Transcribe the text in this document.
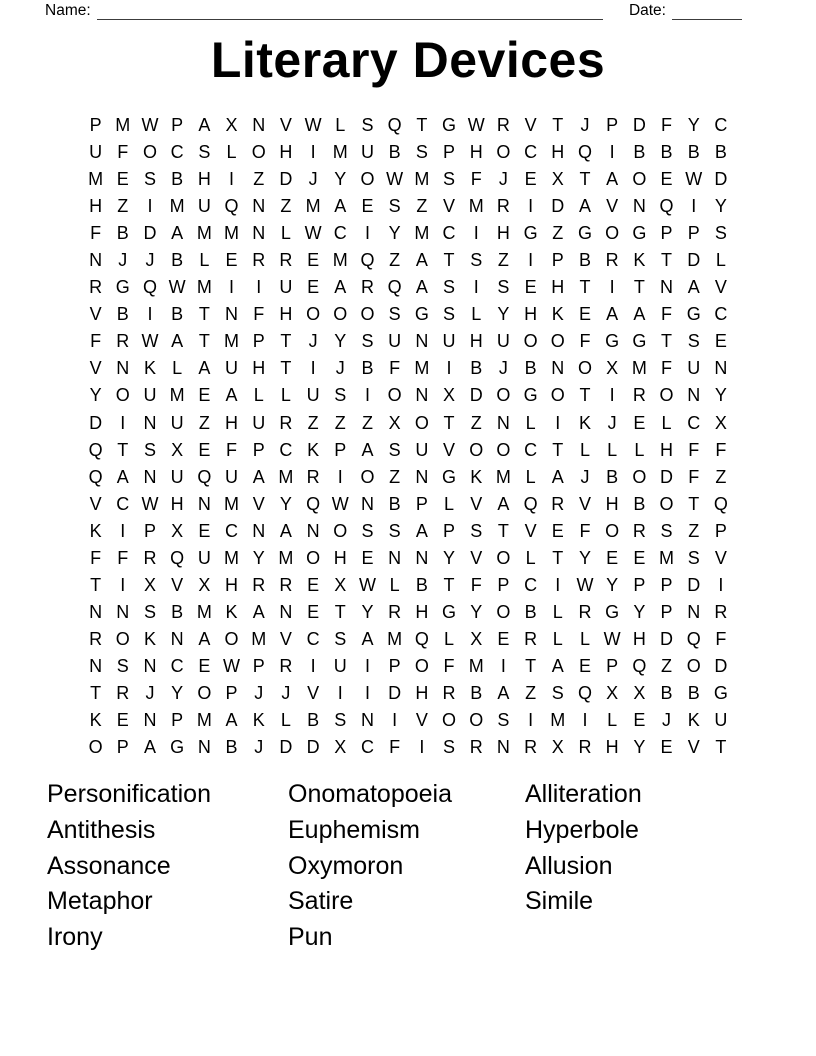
Name:	Date:
Literary Devices
P M W P A X N V W L S Q T G W R V T J P D F Y C
U F O C S L O H	I M U B S P H O C H Q I	B B B B
M E S B H	I	Z D J Y O W M S F J E X T A O E W D
H Z	I M U Q N Z M A E S Z V M R	I	D A V N Q I	Y
F B D A M M N L W C	I	Y M C	I	H G Z G O G P P S
N J	J B L E R R E M Q Z A T S Z	I	P B R K T D L
R G Q W M I	I	U E A R Q A S	I	S E H T	I	T N A V
V B	I	B T N F H O O O S G S L Y H K E A A F G C
F R W A T M P T J Y S U N U H U O O F G G T S E
V N K L A U H T	I	J B F M I	B J B N O X M F U N
Y O U M E A L L U S	I O N X D O G O T	I	R O N Y
D	I	N U Z H U R Z Z Z X O T Z N L	I	K J E L C X
Q T S X E F P C K P A S U V O O C T L L L H F F
Q A N U Q U A M R	I O Z N G K M L A J B O D F Z
V C W H N M V Y Q W N B P L V A Q R V H B O T Q
K	I	P X E C N A N O S S A P S T V E F O R S Z P
F F R Q U M Y M O H E N N Y V O L T Y E E M S V
T	I	X V X H R R E X W L B T F P C	I W Y P P D	I
N N S B M K A N E T Y R H G Y O B L R G Y P N R
R O K N A O M V C S A M Q L X E R L L W H D Q F
N S N C E W P R	I	U	I	P O F M I	T A E P Q Z O D
T R J Y O P J	J V	I	I	D H R B A Z S Q X X B B G
K E N P M A K L B S N	I	V O O S	I M I	L E J K U
O P A G N B J D D X C F	I	S R N R X R H Y E V T
Personification
Antithesis
Assonance
Metaphor
Irony
Onomatopoeia
Euphemism
Oxymoron
Satire
Pun
Alliteration
Hyperbole
Allusion
Simile
